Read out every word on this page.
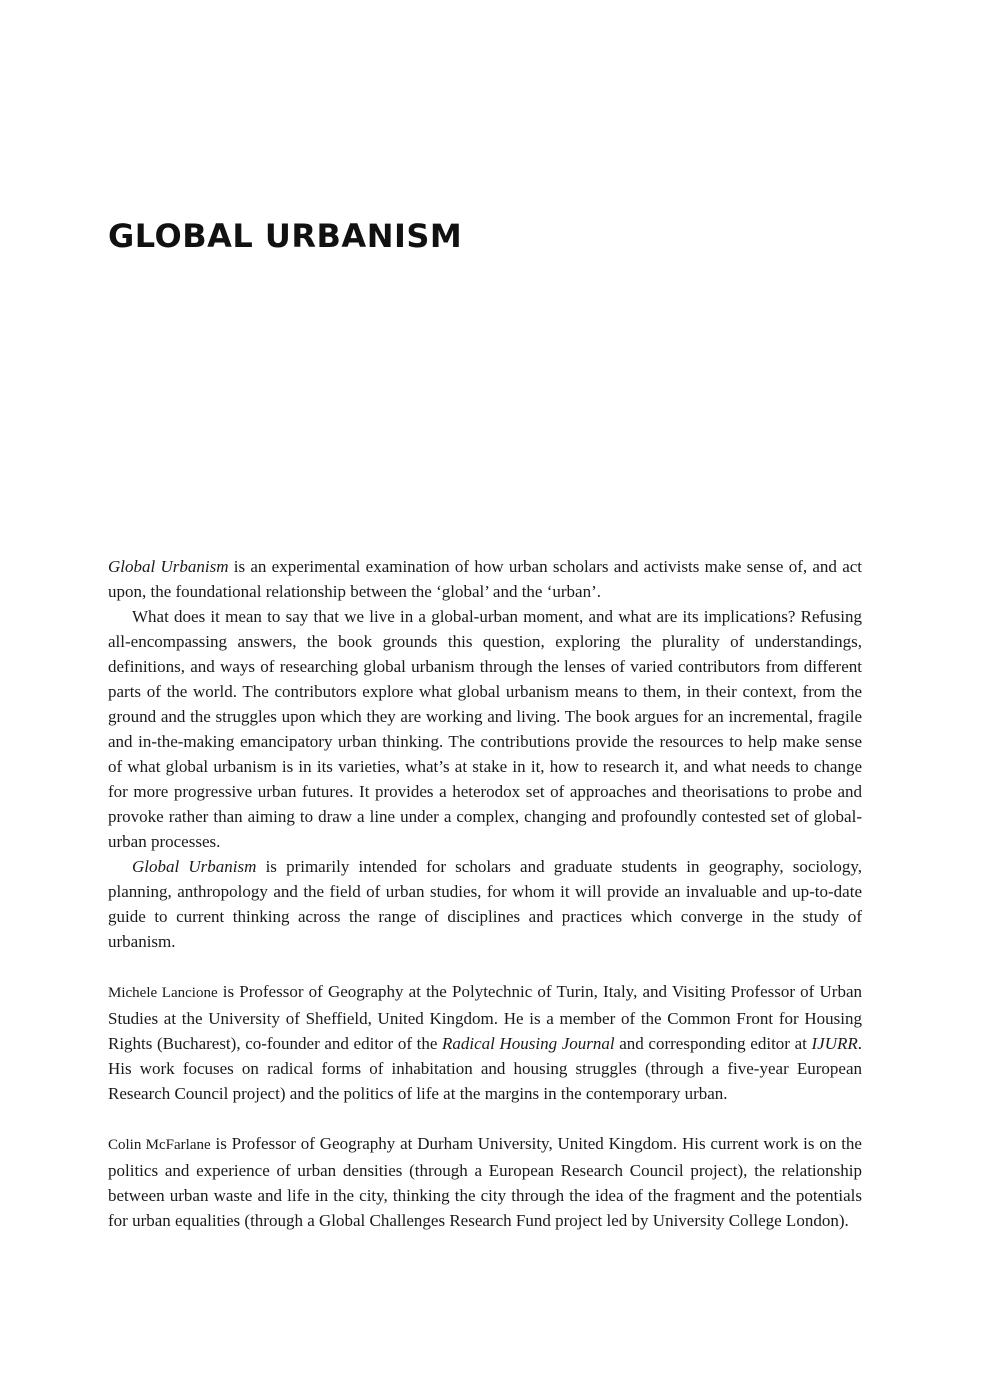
GLOBAL URBANISM

Global Urbanism is an experimental examination of how urban scholars and activists make sense of, and act upon, the foundational relationship between the ‘global’ and the ‘urban’.

What does it mean to say that we live in a global-urban moment, and what are its implications? Refusing all-encompassing answers, the book grounds this question, exploring the plurality of understandings, definitions, and ways of researching global urbanism through the lenses of varied contributors from different parts of the world. The contributors explore what global urbanism means to them, in their context, from the ground and the struggles upon which they are working and living. The book argues for an incremental, fragile and in-the-making emancipatory urban thinking. The contributions provide the resources to help make sense of what global urbanism is in its varieties, what’s at stake in it, how to research it, and what needs to change for more progressive urban futures. It provides a heterodox set of approaches and theorisations to probe and provoke rather than aiming to draw a line under a complex, changing and profoundly contested set of global-urban processes.

Global Urbanism is primarily intended for scholars and graduate students in geography, sociology, planning, anthropology and the field of urban studies, for whom it will provide an invaluable and up-to-date guide to current thinking across the range of disciplines and practices which converge in the study of urbanism.

Michele Lancione is Professor of Geography at the Polytechnic of Turin, Italy, and Visiting Professor of Urban Studies at the University of Sheffield, United Kingdom. He is a member of the Common Front for Housing Rights (Bucharest), co-founder and editor of the Radical Housing Journal and corresponding editor at IJURR. His work focuses on radical forms of inhabitation and housing struggles (through a five-year European Research Council project) and the politics of life at the margins in the contemporary urban.

Colin McFarlane is Professor of Geography at Durham University, United Kingdom. His current work is on the politics and experience of urban densities (through a European Research Council project), the relationship between urban waste and life in the city, thinking the city through the idea of the fragment and the potentials for urban equalities (through a Global Challenges Research Fund project led by University College London).
